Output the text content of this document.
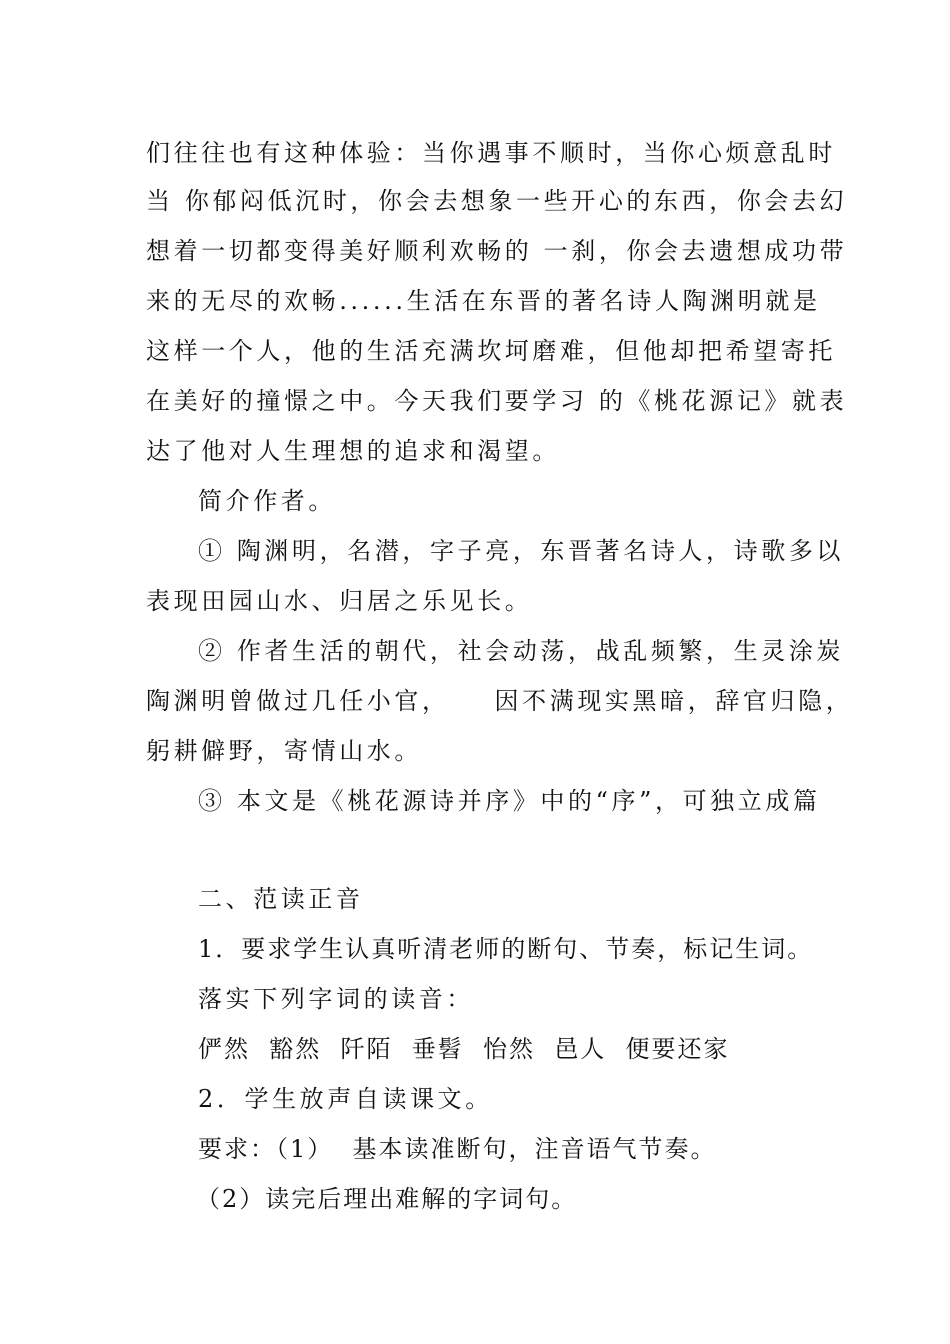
们往往也有这种体验：当你遇事不顺时，当你心烦意乱时
当 你郁闷低沉时，你会去想象一些开心的东西，你会去幻
想着一切都变得美好顺利欢畅的 一刹，你会去遗想成功带
来的无尽的欢畅......生活在东晋的著名诗人陶渊明就是
这样一个人，他的生活充满坎坷磨难，但他却把希望寄托
在美好的撞憬之中。今天我们要学习 的《桃花源记》就表
达了他对人生理想的追求和渴望。
简介作者。
① 陶渊明，名潜，字子亮，东晋著名诗人，诗歌多以
表现田园山水、归居之乐见长。
② 作者生活的朝代，社会动荡，战乱频繁，生灵涂炭
陶渊明曾做过几任小官，    因不满现实黑暗，辞官归隐，
躬耕僻野，寄情山水。
③ 本文是《桃花源诗并序》中的“序”，可独立成篇
二、范读正音
1．要求学生认真听清老师的断句、节奏，标记生词。
落实下列字词的读音：
俨然  豁然  阡陌  垂髫  怡然  邑人  便要还家
2．学生放声自读课文。
要求：（1）  基本读准断句，注音语气节奏。
（2）读完后理出难解的字词句。
